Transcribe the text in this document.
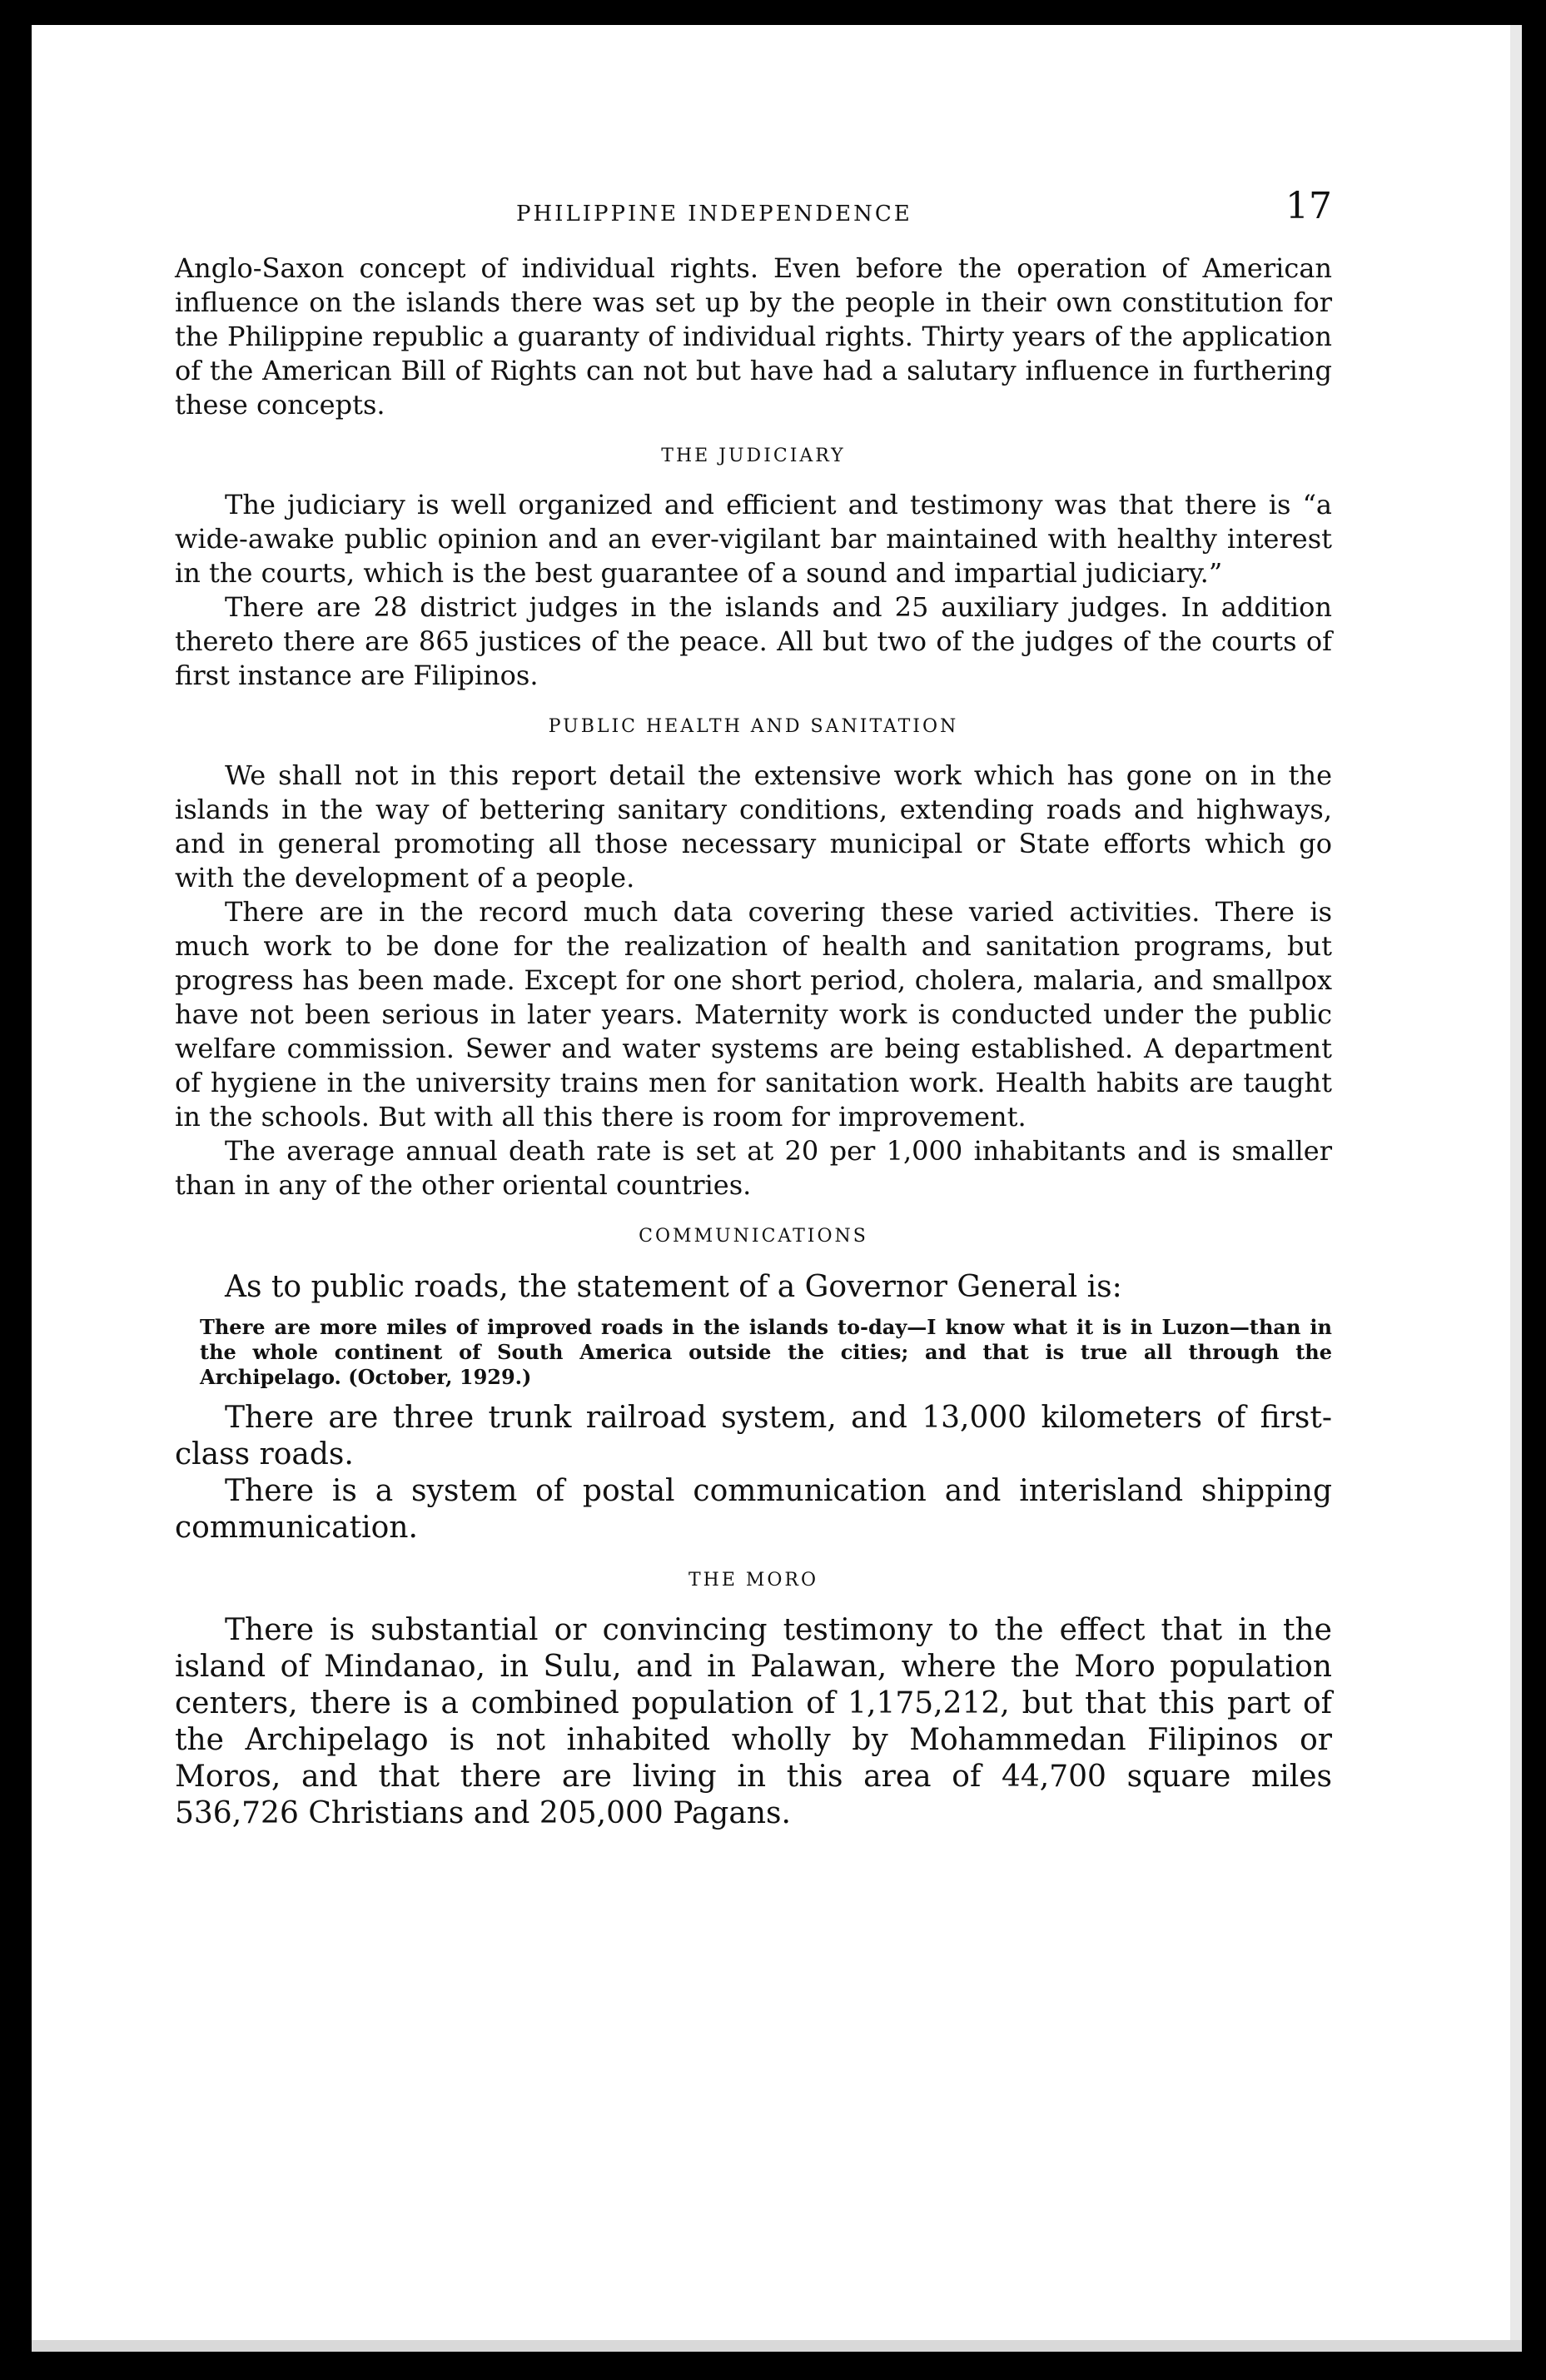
PHILIPPINE INDEPENDENCE	17

Anglo-Saxon concept of individual rights. Even before the operation of American influence on the islands there was set up by the people in their own constitution for the Philippine republic a guaranty of individual rights. Thirty years of the application of the American Bill of Rights can not but have had a salutary influence in furthering these concepts.

THE JUDICIARY

The judiciary is well organized and efficient and testimony was that there is “a wide-awake public opinion and an ever-vigilant bar maintained with healthy interest in the courts, which is the best guarantee of a sound and impartial judiciary.”

There are 28 district judges in the islands and 25 auxiliary judges. In addition thereto there are 865 justices of the peace. All but two of the judges of the courts of first instance are Filipinos.

PUBLIC HEALTH AND SANITATION

We shall not in this report detail the extensive work which has gone on in the islands in the way of bettering sanitary conditions, extending roads and highways, and in general promoting all those necessary municipal or State efforts which go with the development of a people.

There are in the record much data covering these varied activities. There is much work to be done for the realization of health and sanitation programs, but progress has been made. Except for one short period, cholera, malaria, and smallpox have not been serious in later years. Maternity work is conducted under the public welfare commission. Sewer and water systems are being established. A department of hygiene in the university trains men for sanitation work. Health habits are taught in the schools. But with all this there is room for improvement.

The average annual death rate is set at 20 per 1,000 inhabitants and is smaller than in any of the other oriental countries.

COMMUNICATIONS

As to public roads, the statement of a Governor General is:

There are more miles of improved roads in the islands to-day—I know what it is in Luzon—than in the whole continent of South America outside the cities; and that is true all through the Archipelago. (October, 1929.)

There are three trunk railroad system, and 13,000 kilometers of first-class roads.

There is a system of postal communication and interisland shipping communication.

THE MORO

There is substantial or convincing testimony to the effect that in the island of Mindanao, in Sulu, and in Palawan, where the Moro population centers, there is a combined population of 1,175,212, but that this part of the Archipelago is not inhabited wholly by Mohammedan Filipinos or Moros, and that there are living in this area of 44,700 square miles 536,726 Christians and 205,000 Pagans.
